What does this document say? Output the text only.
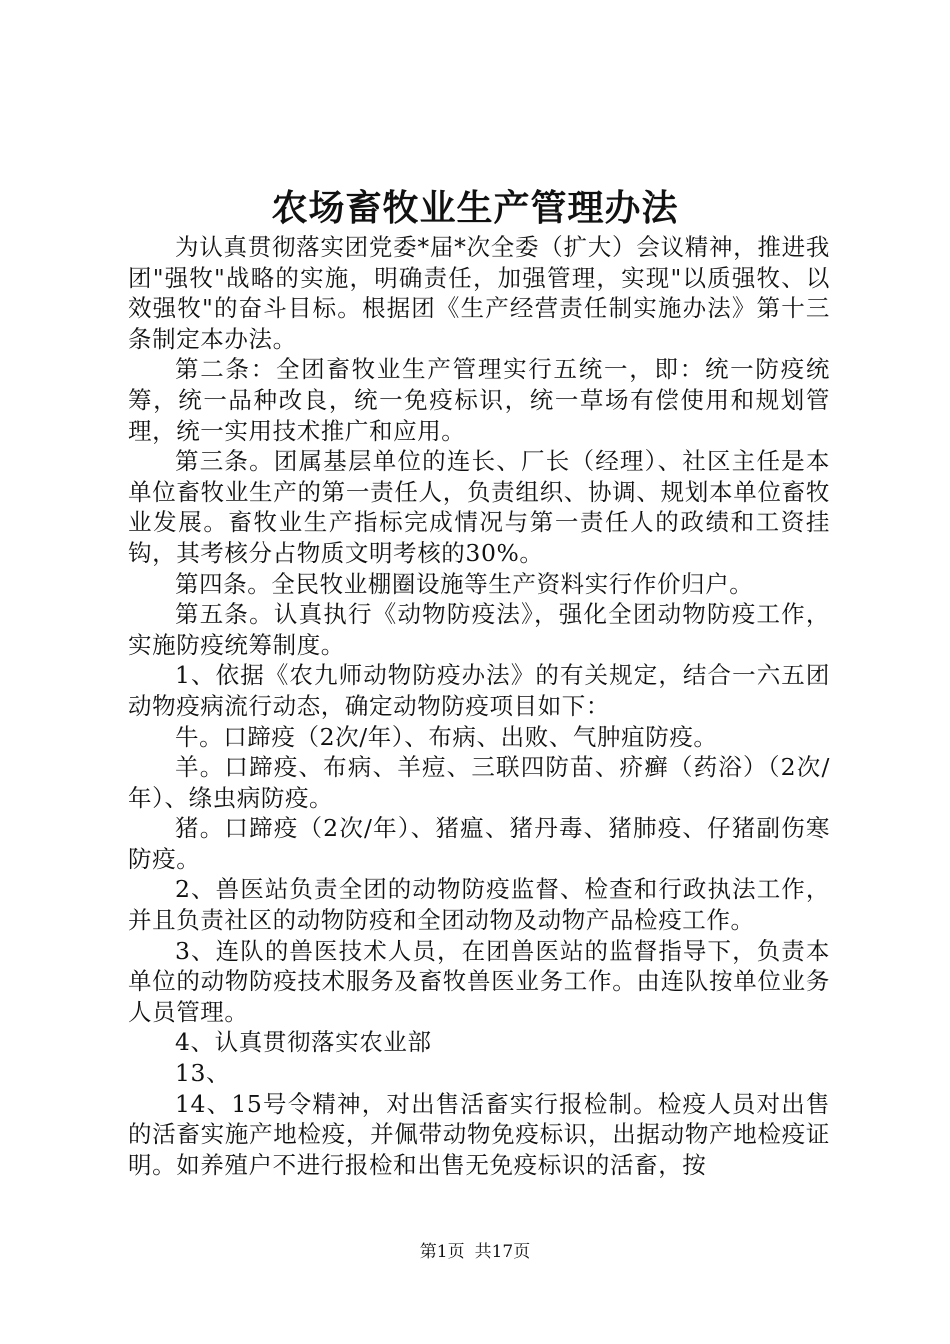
农场畜牧业生产管理办法

为认真贯彻落实团党委*届*次全委（扩大）会议精神，推进我团"强牧"战略的实施，明确责任，加强管理，实现"以质强牧、以效强牧"的奋斗目标。根据团《生产经营责任制实施办法》第十三条制定本办法。

第二条：全团畜牧业生产管理实行五统一，即：统一防疫统筹，统一品种改良，统一免疫标识，统一草场有偿使用和规划管理，统一实用技术推广和应用。

第三条。团属基层单位的连长、厂长（经理）、社区主任是本单位畜牧业生产的第一责任人，负责组织、协调、规划本单位畜牧业发展。畜牧业生产指标完成情况与第一责任人的政绩和工资挂钩，其考核分占物质文明考核的30%。

第四条。全民牧业棚圈设施等生产资料实行作价归户。

第五条。认真执行《动物防疫法》，强化全团动物防疫工作，实施防疫统筹制度。

1、依据《农九师动物防疫办法》的有关规定，结合一六五团动物疫病流行动态，确定动物防疫项目如下：

牛。口蹄疫（2次/年）、布病、出败、气肿疽防疫。

羊。口蹄疫、布病、羊痘、三联四防苗、疥癣（药浴）（2次/年）、绦虫病防疫。

猪。口蹄疫（2次/年）、猪瘟、猪丹毒、猪肺疫、仔猪副伤寒防疫。

2、兽医站负责全团的动物防疫监督、检查和行政执法工作，并且负责社区的动物防疫和全团动物及动物产品检疫工作。

3、连队的兽医技术人员，在团兽医站的监督指导下，负责本单位的动物防疫技术服务及畜牧兽医业务工作。由连队按单位业务人员管理。

4、认真贯彻落实农业部

13、

14、15号令精神，对出售活畜实行报检制。检疫人员对出售的活畜实施产地检疫，并佩带动物免疫标识，出据动物产地检疫证明。如养殖户不进行报检和出售无免疫标识的活畜，按

第1页 共17页
